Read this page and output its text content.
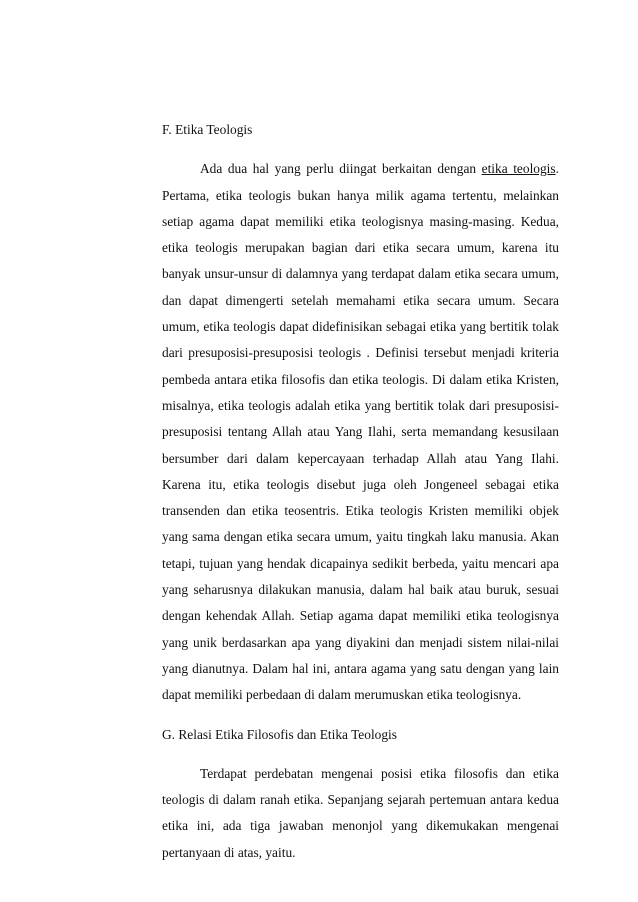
F. Etika Teologis

Ada dua hal yang perlu diingat berkaitan dengan etika teologis. Pertama, etika teologis bukan hanya milik agama tertentu, melainkan setiap agama dapat memiliki etika teologisnya masing-masing. Kedua, etika teologis merupakan bagian dari etika secara umum, karena itu banyak unsur-unsur di dalamnya yang terdapat dalam etika secara umum, dan dapat dimengerti setelah memahami etika secara umum. Secara umum, etika teologis dapat didefinisikan sebagai etika yang bertitik tolak dari presuposisi-presuposisi teologis . Definisi tersebut menjadi kriteria pembeda antara etika filosofis dan etika teologis. Di dalam etika Kristen, misalnya, etika teologis adalah etika yang bertitik tolak dari presuposisi-presuposisi tentang Allah atau Yang Ilahi, serta memandang kesusilaan bersumber dari dalam kepercayaan terhadap Allah atau Yang Ilahi. Karena itu, etika teologis disebut juga oleh Jongeneel sebagai etika transenden dan etika teosentris. Etika teologis Kristen memiliki objek yang sama dengan etika secara umum, yaitu tingkah laku manusia. Akan tetapi, tujuan yang hendak dicapainya sedikit berbeda, yaitu mencari apa yang seharusnya dilakukan manusia, dalam hal baik atau buruk, sesuai dengan kehendak Allah. Setiap agama dapat memiliki etika teologisnya yang unik berdasarkan apa yang diyakini dan menjadi sistem nilai-nilai yang dianutnya. Dalam hal ini, antara agama yang satu dengan yang lain dapat memiliki perbedaan di dalam merumuskan etika teologisnya.

G. Relasi Etika Filosofis dan Etika Teologis

Terdapat perdebatan mengenai posisi etika filosofis dan etika teologis di dalam ranah etika. Sepanjang sejarah pertemuan antara kedua etika ini, ada tiga jawaban menonjol yang dikemukakan mengenai pertanyaan di atas, yaitu.
